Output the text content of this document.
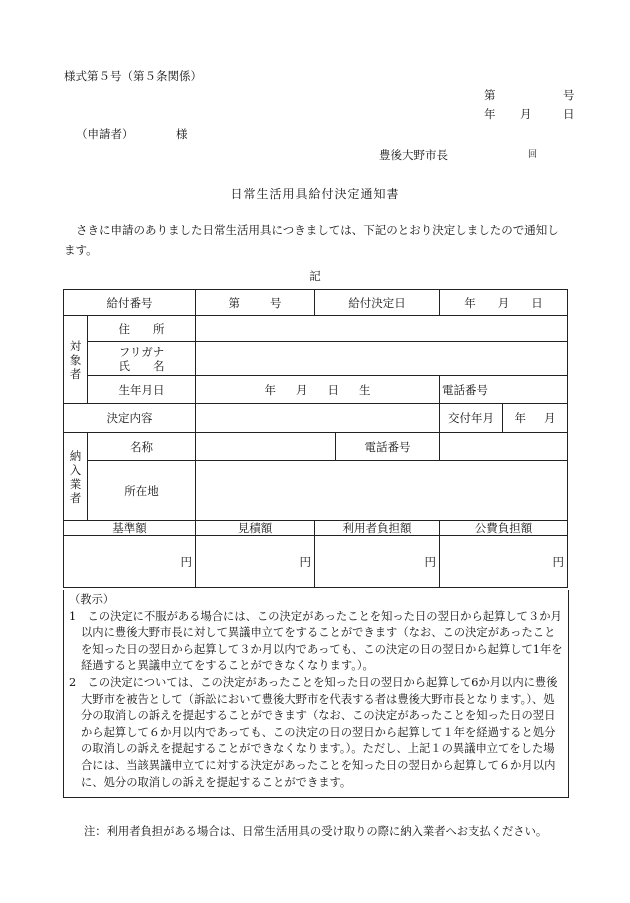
様式第５号（第５条関係）
第	号
年 月	日
（申請者）	様
豊後大野市長	回
日常生活用具給付決定通知書
さきに申請のありました日常生活用具につきましては、下記のとおり決定しましたので通知します。
記
給付番号		第 号	給付決定日		年 月 日

対
象
者	住　　所				

	フリガナ
氏　　名				

	生年月日	年 月 日 生			電話番号
決定内容					交付年月 年 月

納
入
業
者	名称			電話番号	
	所在地				
基準額		見積額	利用者負担額		公費負担額
円		円	円		円
（教示）
1　この決定に不服がある場合には、この決定があったことを知った日の翌日から起算して３か月以内に豊後大野市長に対して異議申立てをすることができます（なお、この決定があったことを知った日の翌日から起算して３か月以内であっても、この決定の日の翌日から起算して1年を経過すると異議申立てをすることができなくなります。）。
2　この決定については、この決定があったことを知った日の翌日から起算して6か月以内に豊後大野市を被告として（訴訟において豊後大野市を代表する者は豊後大野市長となります。）、処分の取消しの訴えを提起することができます（なお、この決定があったことを知った日の翌日から起算して６か月以内であっても、この決定の日の翌日から起算して１年を経過すると処分の取消しの訴えを提起することができなくなります。）。ただし、上記１の異議申立てをした場合には、当該異議申立てに対する決定があったことを知った日の翌日から起算して６か月以内に、処分の取消しの訴えを提起することができます。
注：利用者負担がある場合は、日常生活用具の受け取りの際に納入業者へお支払ください。
